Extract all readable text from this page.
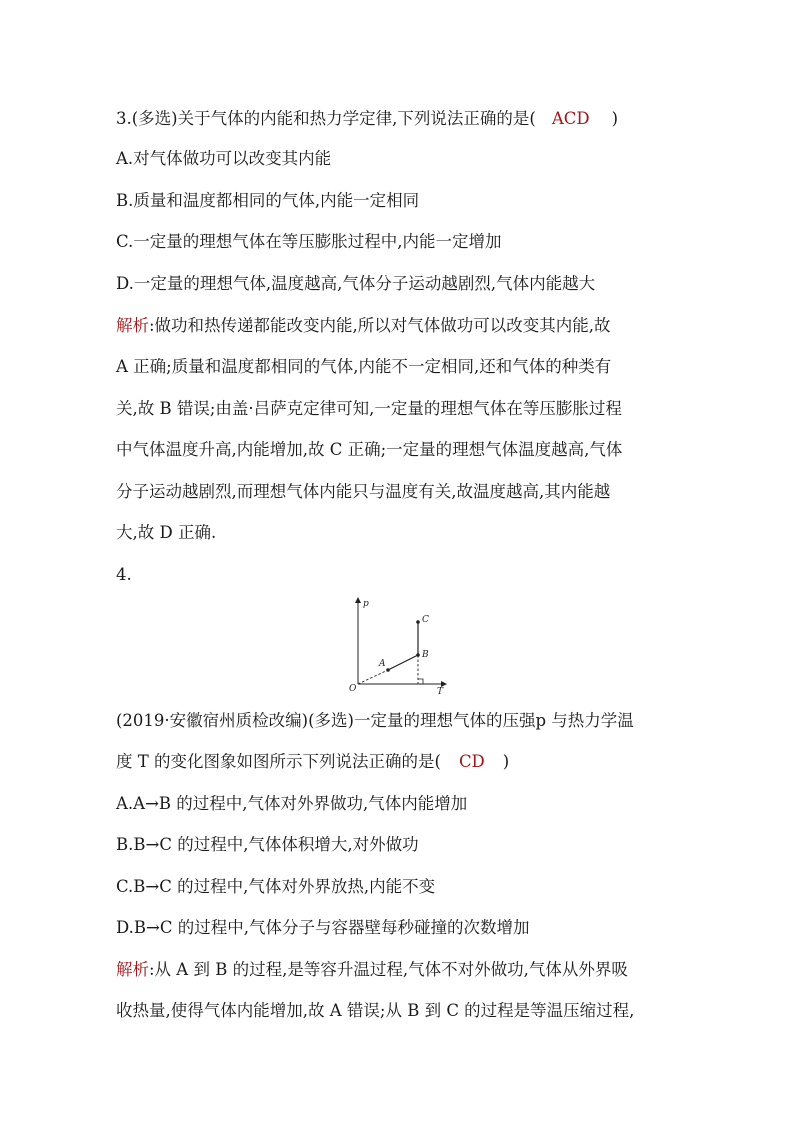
3.(多选)关于气体的内能和热力学定律,下列说法正确的是( ACD )
A.对气体做功可以改变其内能
B.质量和温度都相同的气体,内能一定相同
C.一定量的理想气体在等压膨胀过程中,内能一定增加
D.一定量的理想气体,温度越高,气体分子运动越剧烈,气体内能越大
解析:做功和热传递都能改变内能,所以对气体做功可以改变其内能,故
A 正确;质量和温度都相同的气体,内能不一定相同,还和气体的种类有
关,故 B 错误;由盖·吕萨克定律可知,一定量的理想气体在等压膨胀过程
中气体温度升高,内能增加,故 C 正确;一定量的理想气体温度越高,气体
分子运动越剧烈,而理想气体内能只与温度有关,故温度越高,其内能越
大,故 D 正确.
4.
p
T
O
A
B
C
(2019·安徽宿州质检改编)(多选)一定量的理想气体的压强p 与热力学温
度 T 的变化图象如图所示下列说法正确的是( CD )
A.A→B 的过程中,气体对外界做功,气体内能增加
B.B→C 的过程中,气体体积增大,对外做功
C.B→C 的过程中,气体对外界放热,内能不变
D.B→C 的过程中,气体分子与容器壁每秒碰撞的次数增加
解析:从 A 到 B 的过程,是等容升温过程,气体不对外做功,气体从外界吸
收热量,使得气体内能增加,故 A 错误;从 B 到 C 的过程是等温压缩过程,
